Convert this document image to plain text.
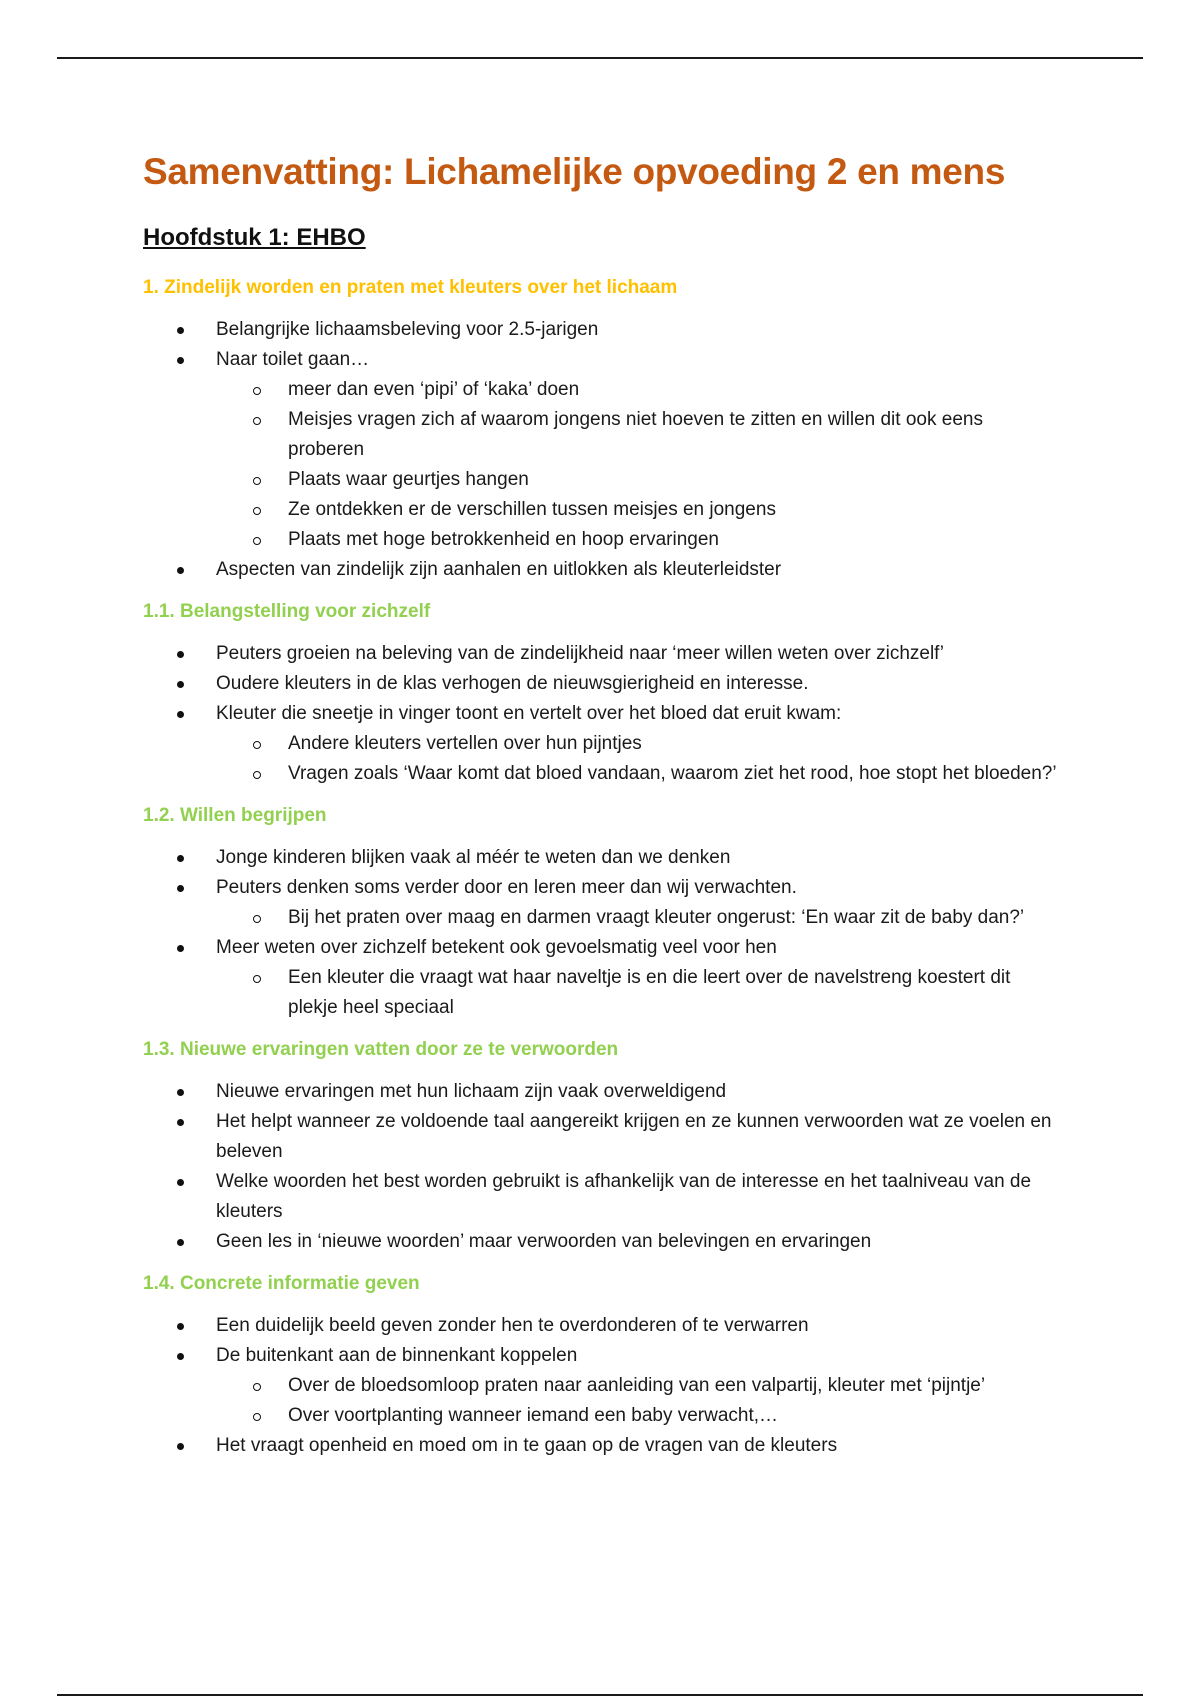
Samenvatting: Lichamelijke opvoeding 2 en mens
Hoofdstuk 1: EHBO
1. Zindelijk worden en praten met kleuters over het lichaam
Belangrijke lichaamsbeleving voor 2.5-jarigen
Naar toilet gaan…
meer dan even ‘pipi’ of ‘kaka’ doen
Meisjes vragen zich af waarom jongens niet hoeven te zitten en willen dit ook eens proberen
Plaats waar geurtjes hangen
Ze ontdekken er de verschillen tussen meisjes en jongens
Plaats met hoge betrokkenheid en hoop ervaringen
Aspecten van zindelijk zijn aanhalen en uitlokken als kleuterleidster
1.1. Belangstelling voor zichzelf
Peuters groeien na beleving van de zindelijkheid naar ‘meer willen weten over zichzelf’
Oudere kleuters in de klas verhogen de nieuwsgierigheid en interesse.
Kleuter die sneetje in vinger toont en vertelt over het bloed dat eruit kwam:
Andere kleuters vertellen over hun pijntjes
Vragen zoals ‘Waar komt dat bloed vandaan, waarom ziet het rood, hoe stopt het bloeden?’
1.2. Willen begrijpen
Jonge kinderen blijken vaak al méér te weten dan we denken
Peuters denken soms verder door en leren meer dan wij verwachten.
Bij het praten over maag en darmen vraagt kleuter ongerust: ‘En waar zit de baby dan?’
Meer weten over zichzelf betekent ook gevoelsmatig veel voor hen
Een kleuter die vraagt wat haar naveltje is en die leert over de navelstreng koestert dit plekje heel speciaal
1.3. Nieuwe ervaringen vatten door ze te verwoorden
Nieuwe ervaringen met hun lichaam zijn vaak overweldigend
Het helpt wanneer ze voldoende taal aangereikt krijgen en ze kunnen verwoorden wat ze voelen en beleven
Welke woorden het best worden gebruikt is afhankelijk van de interesse en het taalniveau van de kleuters
Geen les in ‘nieuwe woorden’ maar verwoorden van belevingen en ervaringen
1.4. Concrete informatie geven
Een duidelijk beeld geven zonder hen te overdonderen of te verwarren
De buitenkant aan de binnenkant koppelen
Over de bloedsomloop praten naar aanleiding van een valpartij, kleuter met ‘pijntje’
Over voortplanting wanneer iemand een baby verwacht,…
Het vraagt openheid en moed om in te gaan op de vragen van de kleuters
